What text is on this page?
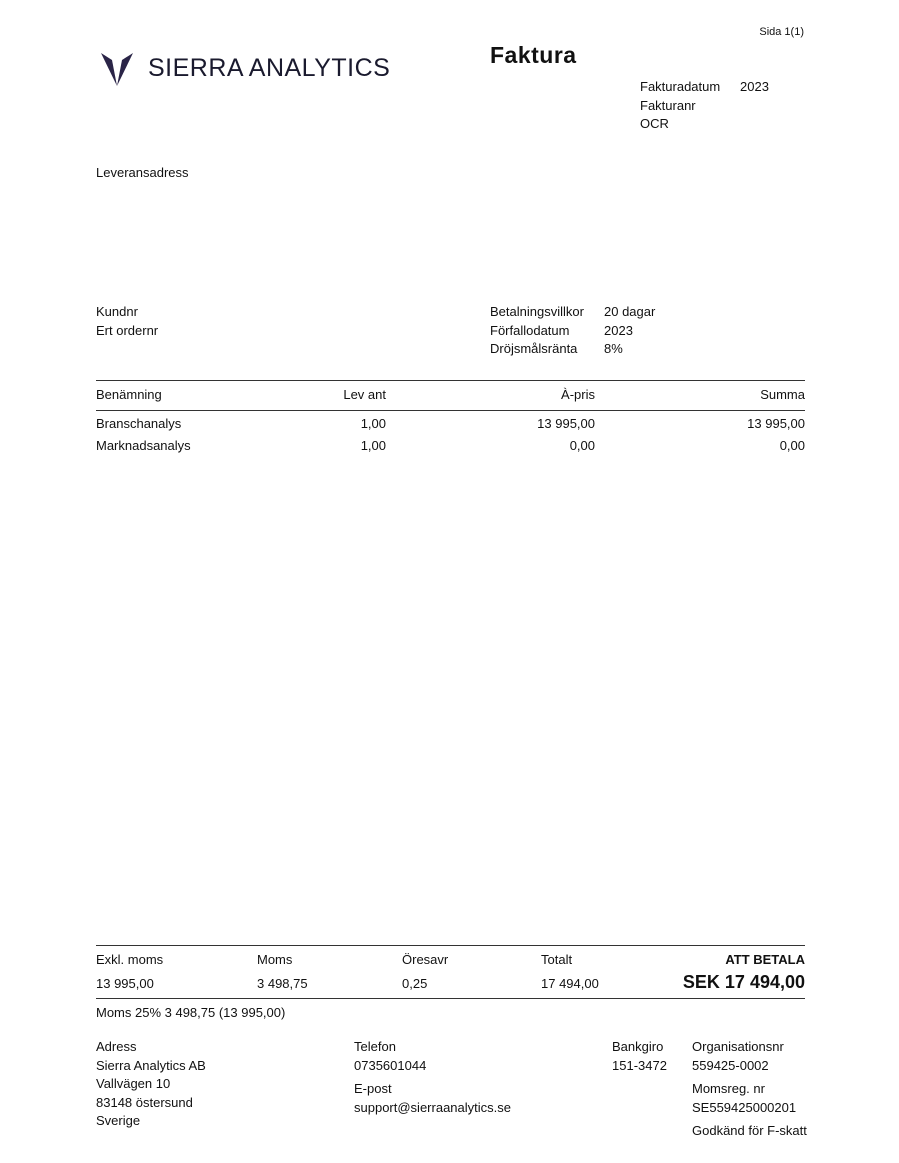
Sida 1(1)
SIERRA ANALYTICS	Faktura
Fakturadatum	2023
Fakturanr
OCR
Leveransadress
Kundnr
Ert ordernr
Betalningsvillkor	20 dagar
Förfallodatum	2023
Dröjsmålsränta	8%
Benämning	Lev ant	À-pris	Summa
Branschanalys	1,00	13 995,00	13 995,00
Marknadsanalys	1,00	0,00	0,00
Exkl. moms	Moms	Öresavr	Totalt	ATT BETALA
13 995,00	3 498,75	0,25	17 494,00	SEK 17 494,00
Moms 25% 3 498,75 (13 995,00)
Adress
Sierra Analytics AB
Vallvägen 10
83148 östersund
Sverige
Telefon
0735601044
E-post
support@sierraanalytics.se
Bankgiro
151-3472
Organisationsnr
559425-0002
Momsreg. nr
SE559425000201
Godkänd för F-skatt
